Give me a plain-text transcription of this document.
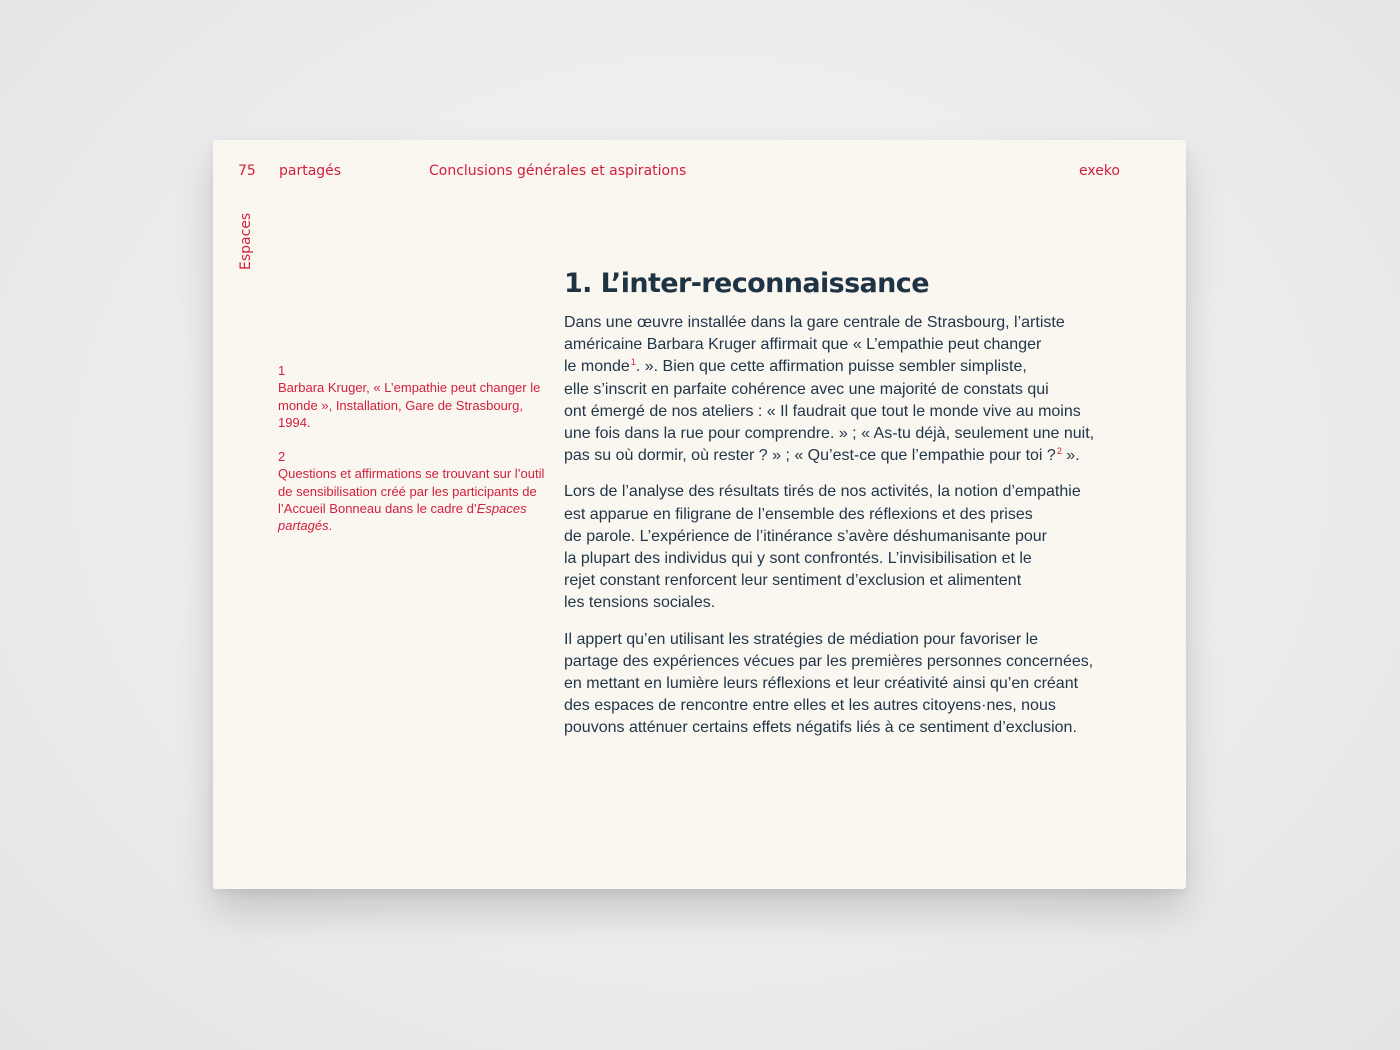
75 partagés	Conclusions générales et aspirations	exeko
Espaces
1
Barbara Kruger, « L’empathie peut changer le monde », Installation, Gare de Strasbourg, 1994.
2
Questions et affirmations se trouvant sur l’outil de sensibilisation créé par les participants de l’Accueil Bonneau dans le cadre d’Espaces partagés.
1. L’inter-reconnaissance

Dans une œuvre installée dans la gare centrale de Strasbourg, l’artiste
américaine Barbara Kruger affirmait que « L’empathie peut changer
le monde$^1$. ». Bien que cette affirmation puisse sembler simpliste,
elle s’inscrit en parfaite cohérence avec une majorité de constats qui
ont émergé de nos ateliers : « Il faudrait que tout le monde vive au moins
une fois dans la rue pour comprendre. » ; « As-tu déjà, seulement une nuit,
pas su où dormir, où rester ? » ; « Qu’est-ce que l’empathie pour toi ?$^2$ ».

Lors de l’analyse des résultats tirés de nos activités, la notion d’empathie
est apparue en filigrane de l’ensemble des réflexions et des prises
de parole. L’expérience de l’itinérance s’avère déshumanisante pour
la plupart des individus qui y sont confrontés. L’invisibilisation et le
rejet constant renforcent leur sentiment d’exclusion et alimentent
les tensions sociales.

Il appert qu’en utilisant les stratégies de médiation pour favoriser le
partage des expériences vécues par les premières personnes concernées,
en mettant en lumière leurs réflexions et leur créativité ainsi qu’en créant
des espaces de rencontre entre elles et les autres citoyens·nes, nous
pouvons atténuer certains effets négatifs liés à ce sentiment d’exclusion.
